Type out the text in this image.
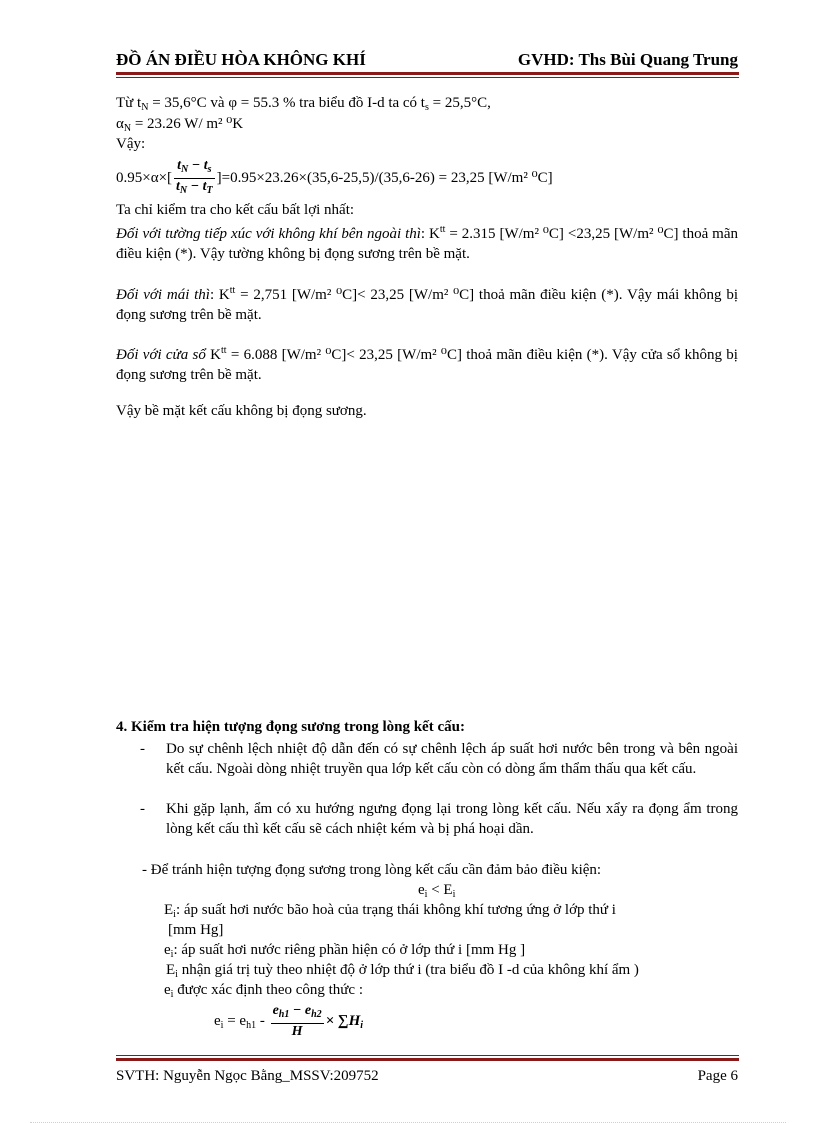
ĐỒ ÁN ĐIỀU HÒA KHÔNG KHÍ	GVHD: Ths Bùi Quang Trung
Từ $t_N = 35,6^\circ C$ và φ = 55.3 % tra biểu đồ I-d ta có $t_s = 25,5^\circ C$,
$\alpha_N = 23.26$ W/ m² ⁰K
Vậy:
$0.95\times\alpha\times[ \frac{t_N - t_s}{t_N - t_T} ]=0.95\times 23.26\times(35,6-25,5)/(35,6-26) = 23,25$ [W/m² ⁰C]
Ta chỉ kiểm tra cho kết cấu bất lợi nhất:
Đối với tường tiếp xúc với không khí bên ngoài thì: $K^{tt} = 2.315$ [W/m² ⁰C] <23,25 [W/m² ⁰C] thoả mãn điều kiện (*). Vậy tường không bị đọng sương trên bề mặt.
Đối với mái thì: $K^{tt} = 2,751$ [W/m² ⁰C]< 23,25 [W/m² ⁰C] thoả mãn điều kiện (*). Vậy mái không bị đọng sương trên bề mặt.
Đối với cửa sổ $K^{tt} = 6.088$ [W/m² ⁰C]< 23,25 [W/m² ⁰C] thoả mãn điều kiện (*). Vậy cửa sổ không bị đọng sương trên bề mặt.
Vậy bề mặt kết cấu không bị đọng sương.
4. Kiểm tra hiện tượng đọng sương trong lòng kết cấu:
- Do sự chênh lệch nhiệt độ dẫn đến có sự chênh lệch áp suất hơi nước bên trong và bên ngoài kết cấu. Ngoài dòng nhiệt truyền qua lớp kết cấu còn có dòng ẩm thẩm thấu qua kết cấu.
- Khi gặp lạnh, ẩm có xu hướng ngưng đọng lại trong lòng kết cấu. Nếu xẩy ra đọng ẩm trong lòng kết cấu thì kết cấu sẽ cách nhiệt kém và bị phá hoại dần.
- Để tránh hiện tượng đọng sương trong lòng kết cấu cần đảm bảo điều kiện:
$e_i < E_i$
$E_i$: áp suất hơi nước bão hoà của trạng thái không khí tương ứng ở lớp thứ i
[mm Hg]
$e_i$: áp suất hơi nước riêng phần hiện có ở lớp thứ i [mm Hg ]
$E_i$ nhận giá trị tuỳ theo nhiệt độ ở lớp thứ i (tra biểu đồ I -d của không khí ẩm )
$e_i$ được xác định theo công thức :
$e_i = e_{h1} - \frac{e_{h1} - e_{h2}}{H} \times \sum H_i$
SVTH: Nguyễn Ngọc Bằng_MSSV:209752	Page 6
